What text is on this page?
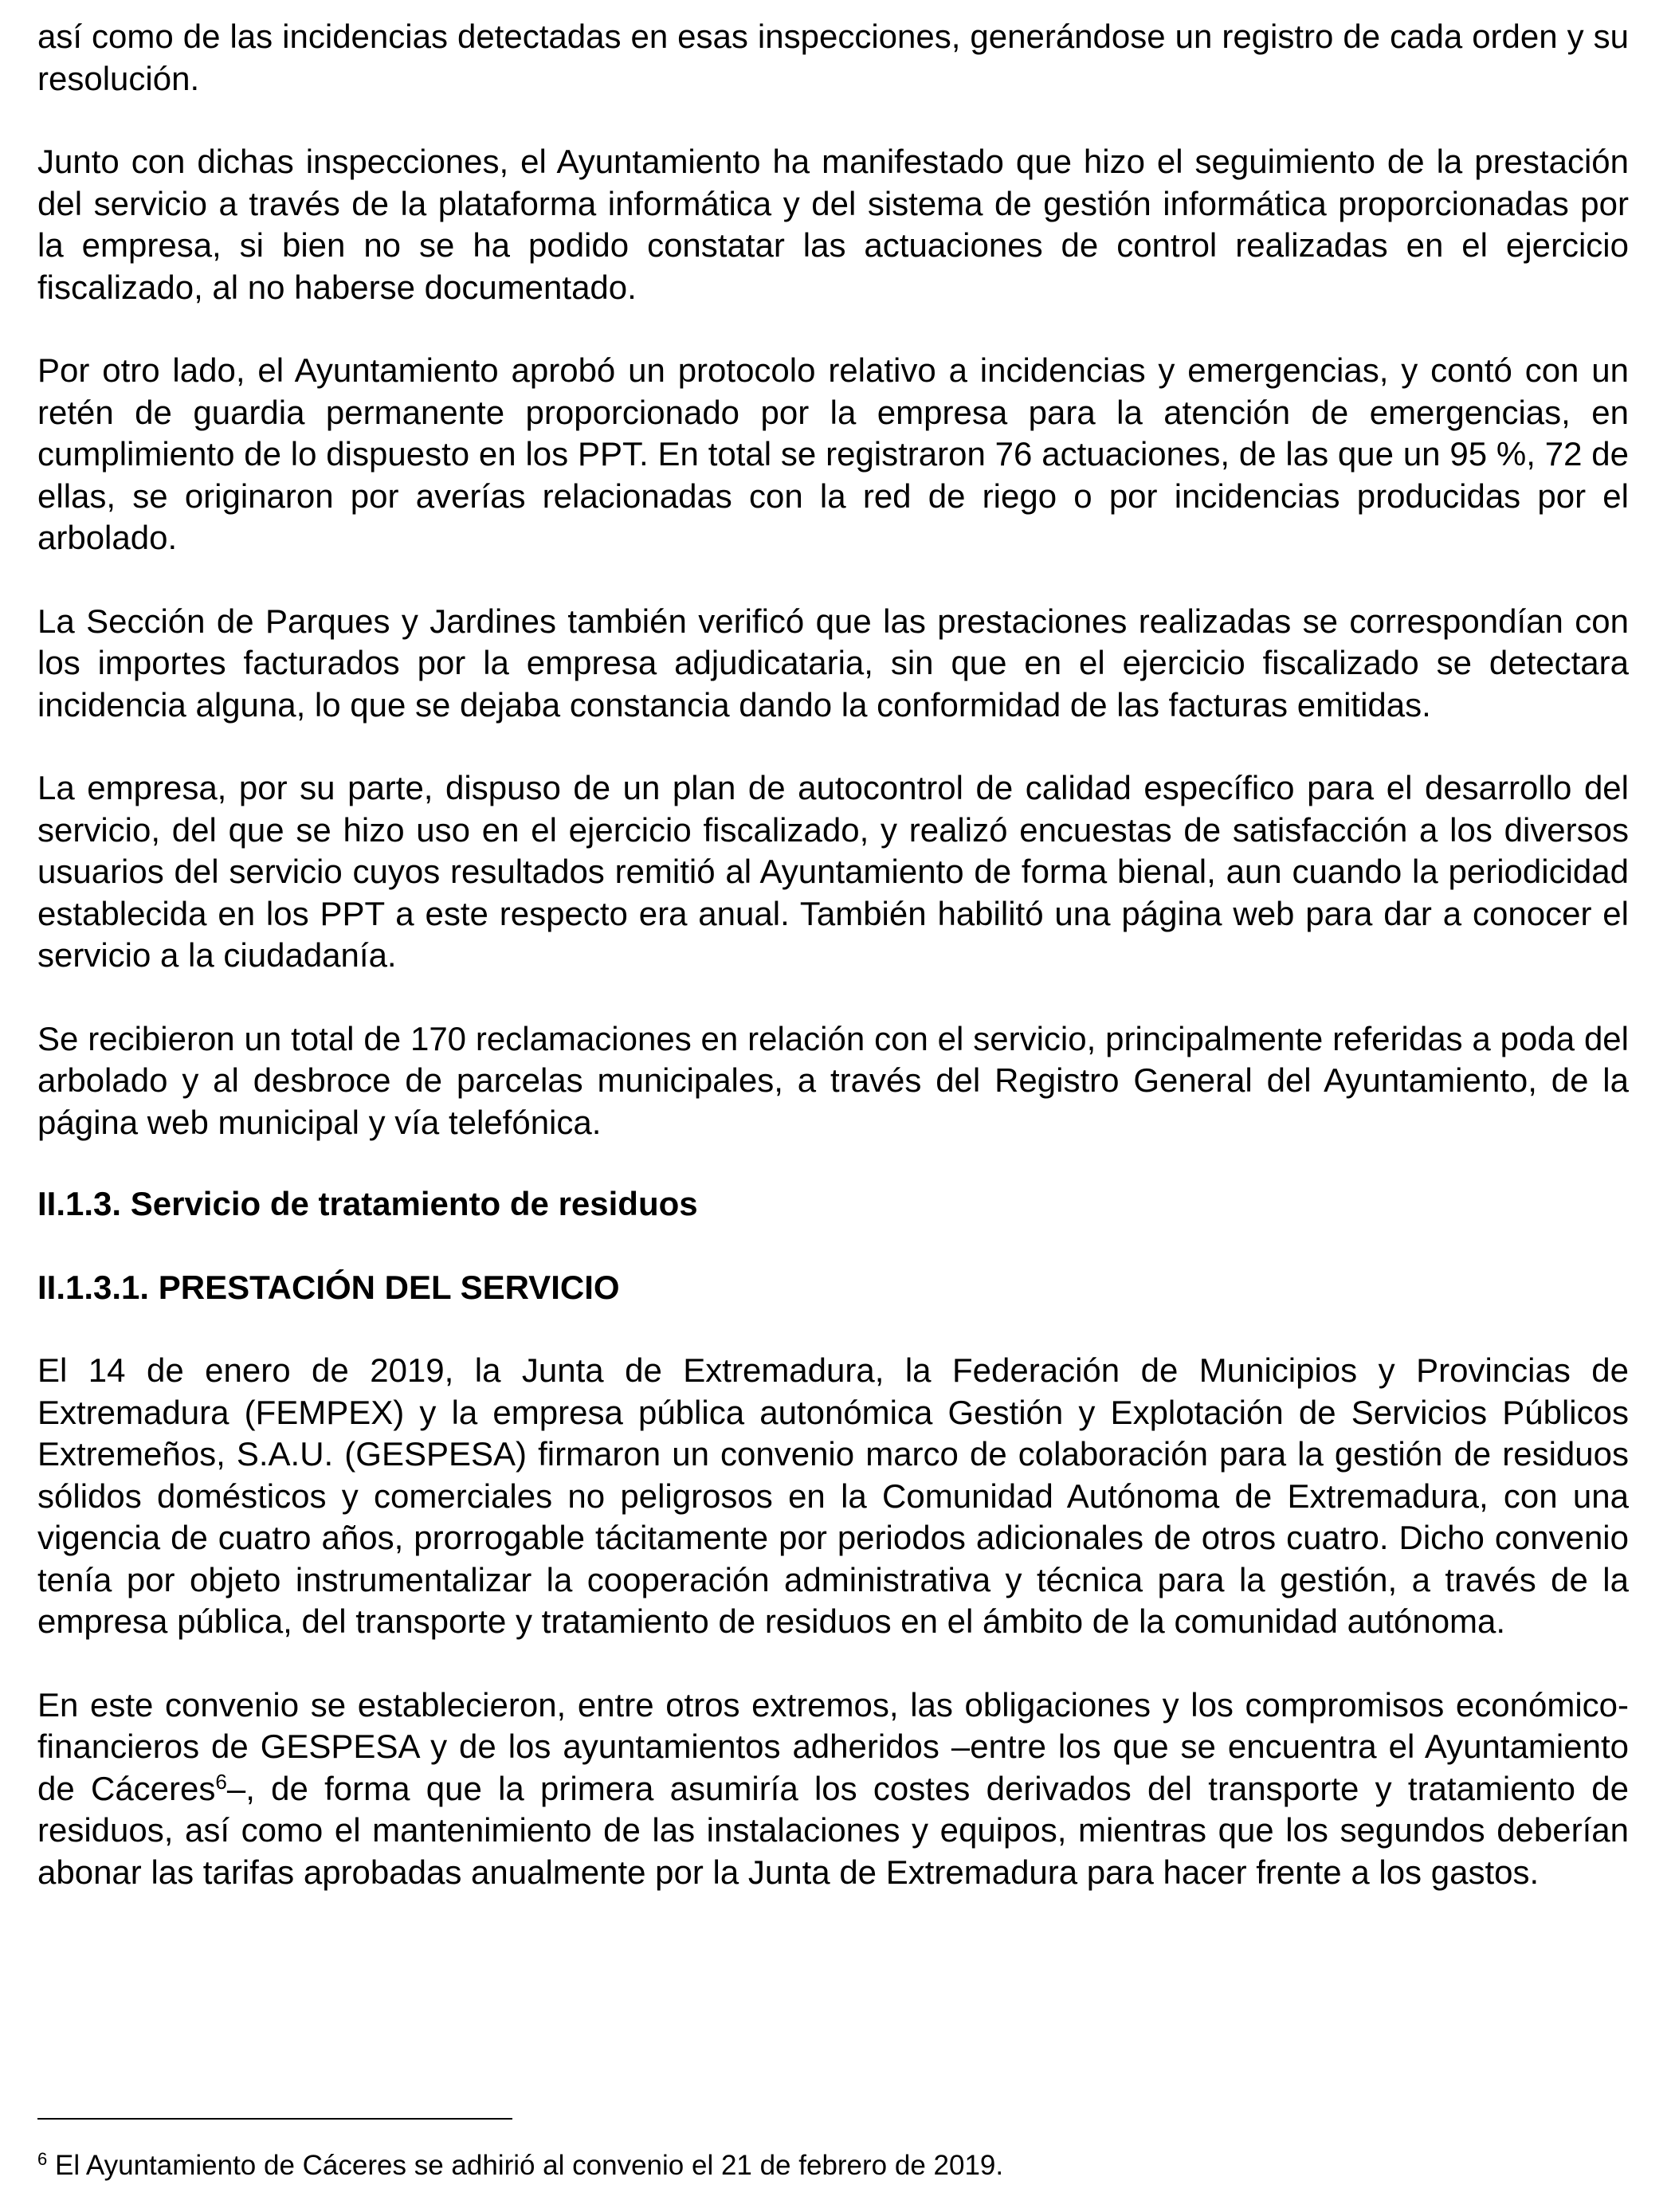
así como de las incidencias detectadas en esas inspecciones, generándose un registro de cada orden y su resolución.

Junto con dichas inspecciones, el Ayuntamiento ha manifestado que hizo el seguimiento de la prestación del servicio a través de la plataforma informática y del sistema de gestión informática proporcionadas por la empresa, si bien no se ha podido constatar las actuaciones de control realizadas en el ejercicio fiscalizado, al no haberse documentado.

Por otro lado, el Ayuntamiento aprobó un protocolo relativo a incidencias y emergencias, y contó con un retén de guardia permanente proporcionado por la empresa para la atención de emergencias, en cumplimiento de lo dispuesto en los PPT. En total se registraron 76 actuaciones, de las que un 95 %, 72 de ellas, se originaron por averías relacionadas con la red de riego o por incidencias producidas por el arbolado.

La Sección de Parques y Jardines también verificó que las prestaciones realizadas se correspondían con los importes facturados por la empresa adjudicataria, sin que en el ejercicio fiscalizado se detectara incidencia alguna, lo que se dejaba constancia dando la conformidad de las facturas emitidas.

La empresa, por su parte, dispuso de un plan de autocontrol de calidad específico para el desarrollo del servicio, del que se hizo uso en el ejercicio fiscalizado, y realizó encuestas de satisfacción a los diversos usuarios del servicio cuyos resultados remitió al Ayuntamiento de forma bienal, aun cuando la periodicidad establecida en los PPT a este respecto era anual. También habilitó una página web para dar a conocer el servicio a la ciudadanía.

Se recibieron un total de 170 reclamaciones en relación con el servicio, principalmente referidas a poda del arbolado y al desbroce de parcelas municipales, a través del Registro General del Ayuntamiento, de la página web municipal y vía telefónica.

II.1.3. Servicio de tratamiento de residuos
II.1.3.1. PRESTACIÓN DEL SERVICIO

El 14 de enero de 2019, la Junta de Extremadura, la Federación de Municipios y Provincias de Extremadura (FEMPEX) y la empresa pública autonómica Gestión y Explotación de Servicios Públicos Extremeños, S.A.U. (GESPESA) firmaron un convenio marco de colaboración para la gestión de residuos sólidos domésticos y comerciales no peligrosos en la Comunidad Autónoma de Extremadura, con una vigencia de cuatro años, prorrogable tácitamente por periodos adicionales de otros cuatro. Dicho convenio tenía por objeto instrumentalizar la cooperación administrativa y técnica para la gestión, a través de la empresa pública, del transporte y tratamiento de residuos en el ámbito de la comunidad autónoma.

En este convenio se establecieron, entre otros extremos, las obligaciones y los compromisos económico-financieros de GESPESA y de los ayuntamientos adheridos –entre los que se encuentra el Ayuntamiento de Cáceres$^6$–, de forma que la primera asumiría los costes derivados del transporte y tratamiento de residuos, así como el mantenimiento de las instalaciones y equipos, mientras que los segundos deberían abonar las tarifas aprobadas anualmente por la Junta de Extremadura para hacer frente a los gastos.

$^6$ El Ayuntamiento de Cáceres se adhirió al convenio el 21 de febrero de 2019.
